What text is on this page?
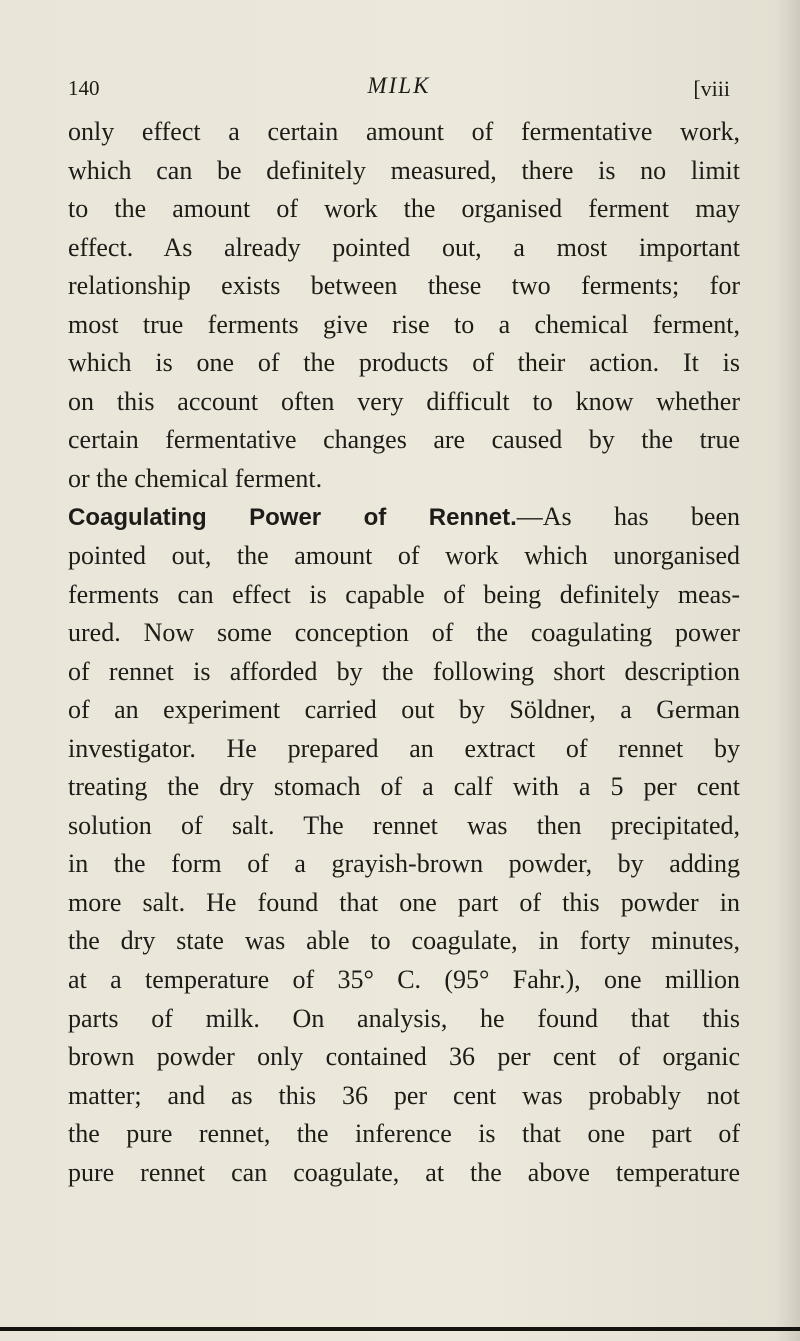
140	MILK	[viii
only effect a certain amount of fermentative work,
which can be definitely measured, there is no limit
to the amount of work the organised ferment may
effect. As already pointed out, a most important
relationship exists between these two ferments; for
most true ferments give rise to a chemical ferment,
which is one of the products of their action. It is
on this account often very difficult to know whether
certain fermentative changes are caused by the true
or the chemical ferment.
Coagulating Power of Rennet.—As has been
pointed out, the amount of work which unorganised
ferments can effect is capable of being definitely meas-
ured. Now some conception of the coagulating power
of rennet is afforded by the following short description
of an experiment carried out by Söldner, a German
investigator. He prepared an extract of rennet by
treating the dry stomach of a calf with a 5 per cent
solution of salt. The rennet was then precipitated,
in the form of a grayish-brown powder, by adding
more salt. He found that one part of this powder in
the dry state was able to coagulate, in forty minutes,
at a temperature of 35° C. (95° Fahr.), one million
parts of milk. On analysis, he found that this
brown powder only contained 36 per cent of organic
matter; and as this 36 per cent was probably not
the pure rennet, the inference is that one part of
pure rennet can coagulate, at the above temperature
